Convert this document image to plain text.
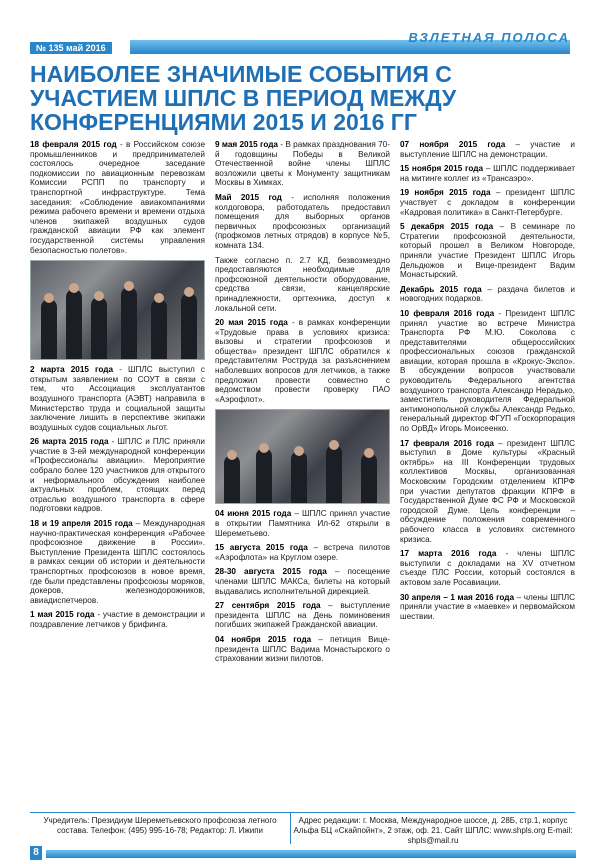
№ 135 май 2016
ВЗЛЕТНАЯ ПОЛОСА
НАИБОЛЕЕ ЗНАЧИМЫЕ СОБЫТИЯ С УЧАСТИЕМ ШПЛС В ПЕРИОД МЕЖДУ КОНФЕРЕНЦИЯМИ 2015 И 2016 ГГ

18 февраля 2015 год - в Российском союзе промышленников и предпринимателей состоялось очередное заседание подкомиссии по авиационным перевозкам Комиссии РСПП по транспорту и транспортной инфраструктуре. Тема заседания: «Соблюдение авиакомпаниями режима рабочего времени и времени отдыха членов экипажей воздушных судов гражданской авиации РФ как элемент государственной системы управления безопасностью полетов».

2 марта 2015 года - ШПЛС выступил с открытым заявлением по СОУТ в связи с тем, что Ассоциация эксплуатантов воздушного транспорта (АЭВТ) направила в Министерство труда и социальной защиты заключение лишить в перспективе экипажи воздушных судов социальных льгот.

26 марта 2015 года - ШПЛС и ПЛС приняли участие в 3-ей международной конференции «Профессионалы авиации». Мероприятие собрало более 120 участников для открытого и неформального обсуждения наиболее актуальных проблем, стоящих перед отраслью воздушного транспорта в сфере подготовки кадров.

18 и 19 апреля 2015 года – Международная научно-практическая конференция «Рабочее профсоюзное движение в России». Выступление Президента ШПЛС состоялось в рамках секции об истории и деятельности транспортных профсоюзов в новое время, где были представлены профсоюзы моряков, докеров, железнодорожников, авиадиспетчеров.

1 мая 2015 года - участие в демонстрации и поздравление летчиков у брифинга.

9 мая 2015 года - В рамках празднования 70-й годовщины Победы в Великой Отечественной войне члены ШПЛС возложили цветы к Монументу защитникам Москвы в Химках.

Май 2015 год - исполняя положения колдоговора, работодатель предоставил помещения для выборных органов первичных профсоюзных организаций (профкомов летных отрядов) в корпусе №5, комната 134.

Также согласно п. 2.7 КД, безвозмездно предоставляются необходимые для профсоюзной деятельности оборудование, средства связи, канцелярские принадлежности, оргтехника, доступ к локальной сети.

20 мая 2015 года - в рамках конференции «Трудовые права в условиях кризиса: вызовы и стратегии профсоюзов и общества» президент ШПЛС обратился к представителям Роструда за разъяснением наболевших вопросов для летчиков, а также предложил провести совместно с ведомством провести проверку ПАО «Аэрофлот».

04 июня 2015 года – ШПЛС принял участие в открытии Памятника Ил-62 открыли в Шереметьево.

15 августа 2015 года – встреча пилотов «Аэрофлота» на Круглом озере.

28-30 августа 2015 года – посещение членами ШПЛС МАКСа, билеты на который выдавались исполнительной дирекцией.

27 сентября 2015 года – выступление президента ШПЛС на День поминовения погибших экипажей Гражданской авиации.

04 ноября 2015 года – петиция Вице-президента ШПЛС Вадима Монастырского о страховании жизни пилотов.

07 ноября 2015 года – участие и выступление ШПЛС на демонстрации.

15 ноября 2015 года – ШПЛС поддерживает на митинге коллег из «Трансаэро».

19 ноября 2015 года – президент ШПЛС участвует с докладом в конференции «Кадровая политика» в Санкт-Петербурге.

5 декабря 2015 года – В семинаре по Стратегии профсоюзной деятельности, который прошел в Великом Новгороде, приняли участие Президент ШПЛС Игорь Дельдюжов и Вице-президент Вадим Монастырский.

Декабрь 2015 года – раздача билетов и новогодних подарков.

10 февраля 2016 года - Президент ШПЛС принял участие во встрече Министра Транспорта РФ М.Ю. Соколова с представителями общероссийских профессиональных союзов гражданской авиации, которая прошла в «Крокус-Экспо». В обсуждении вопросов участвовали руководитель Федерального агентства воздушного транспорта Александр Нерадько, заместитель руководителя Федеральной антимонопольной службы Александр Редько, генеральный директор ФГУП «Госкорпорация по ОрВД» Игорь Моисеенко.

17 февраля 2016 года – президент ШПЛС выступил в Доме культуры «Красный октябрь» на III Конференции трудовых коллективов Москвы, организованная Московским Городским отделением КПРФ при участии депутатов фракции КПРФ в Государственной Думе ФС РФ и Московской городской Думе. Цель конференции – обсуждение положения современного рабочего класса в условиях системного кризиса.

17 марта 2016 года - члены ШПЛС выступили с докладами на XV отчетном съезде ПЛС России, который состоялся в актовом зале Росавиации.

30 апреля – 1 мая 2016 года – члены ШПЛС приняли участие в «маевке» и первомайском шествии.

Учредитель: Президиум Шереметьевского профсоюза летного состава. Телефон: (495) 995-16-78; Редактор: Л. Ижипи
Адрес редакции: г. Москва, Международное шоссе, д. 28Б, стр.1, корпус Альфа БЦ «Скайпойнт», 2 этаж, оф. 21. Сайт ШПЛС: www.shpls.org E-mail: shpls@mail.ru
8
